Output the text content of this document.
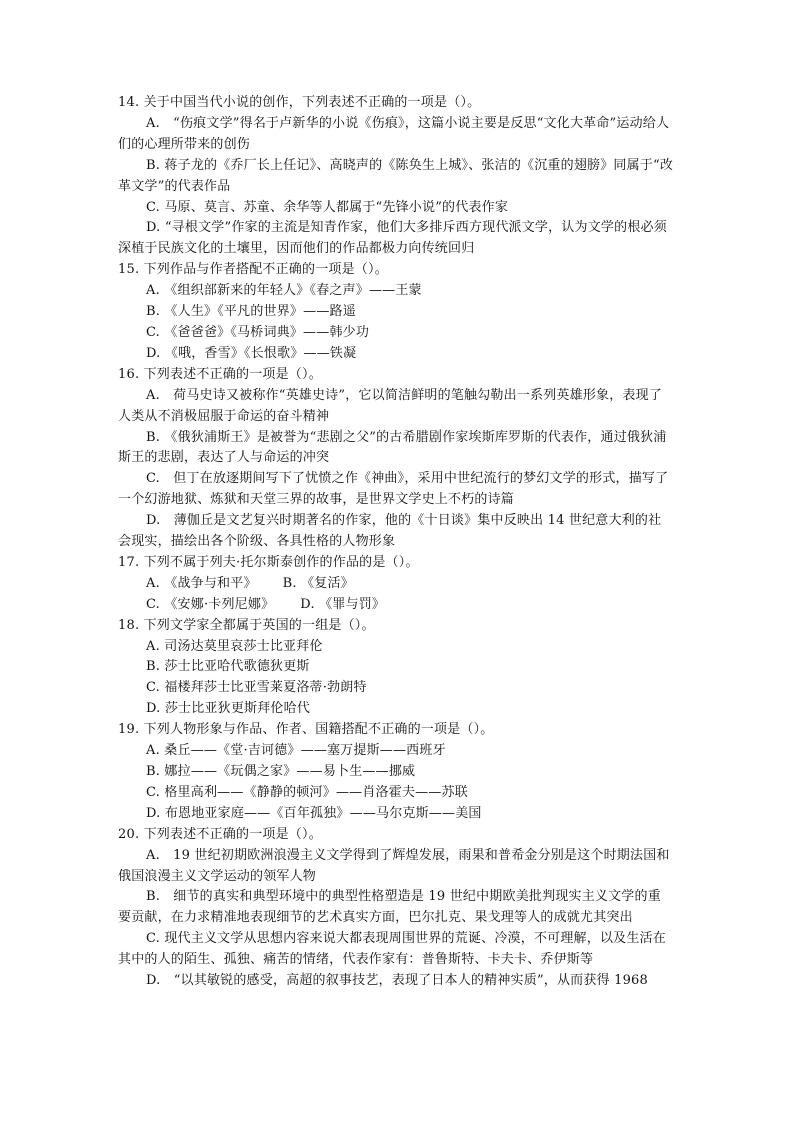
14. 关于中国当代小说的创作，下列表述不正确的一项是（）。

A.　“伤痕文学”得名于卢新华的小说《伤痕》，这篇小说主要是反思“文化大革命”运动给人们的心理所带来的创伤

B. 蒋子龙的《乔厂长上任记》、高晓声的《陈奂生上城》、张洁的《沉重的翅膀》同属于“改革文学”的代表作品

C. 马原、莫言、苏童、余华等人都属于“先锋小说”的代表作家

D. “寻根文学”作家的主流是知青作家，他们大多排斥西方现代派文学，认为文学的根必须深植于民族文化的土壤里，因而他们的作品都极力向传统回归

15. 下列作品与作者搭配不正确的一项是（）。

A. 《组织部新来的年轻人》《春之声》——王蒙

B. 《人生》《平凡的世界》——路遥

C. 《爸爸爸》《马桥词典》——韩少功

D. 《哦，香雪》《长恨歌》——铁凝

16. 下列表述不正确的一项是（）。

A.　荷马史诗又被称作“英雄史诗”，它以简洁鲜明的笔触勾勒出一系列英雄形象，表现了人类从不消极屈服于命运的奋斗精神

B. 《俄狄浦斯王》是被誉为“悲剧之父”的古希腊剧作家埃斯库罗斯的代表作，通过俄狄浦斯王的悲剧，表达了人与命运的冲突

C.　但丁在放逐期间写下了忧愤之作《神曲》，采用中世纪流行的梦幻文学的形式，描写了一个幻游地狱、炼狱和天堂三界的故事，是世界文学史上不朽的诗篇

D.　薄伽丘是文艺复兴时期著名的作家，他的《十日谈》集中反映出 14 世纪意大利的社会现实，描绘出各个阶级、各具性格的人物形象

17. 下列不属于列夫·托尔斯泰创作的作品的是（）。

A. 《战争与和平》 B. 《复活》

C. 《安娜·卡列尼娜》 D. 《罪与罚》

18. 下列文学家全都属于英国的一组是（）。

A. 司汤达莫里哀莎士比亚拜伦

B. 莎士比亚哈代歌德狄更斯

C. 福楼拜莎士比亚雪莱夏洛蒂·勃朗特

D. 莎士比亚狄更斯拜伦哈代

19. 下列人物形象与作品、作者、国籍搭配不正确的一项是（）。

A. 桑丘——《堂·吉诃德》——塞万提斯——西班牙

B. 娜拉——《玩偶之家》——易卜生——挪威

C. 格里高利——《静静的顿河》——肖洛霍夫——苏联

D. 布恩地亚家庭——《百年孤独》——马尔克斯——美国

20. 下列表述不正确的一项是（）。

A.　19 世纪初期欧洲浪漫主义文学得到了辉煌发展，雨果和普希金分别是这个时期法国和俄国浪漫主义文学运动的领军人物

B.　细节的真实和典型环境中的典型性格塑造是 19 世纪中期欧美批判现实主义文学的重要贡献，在力求精准地表现细节的艺术真实方面，巴尔扎克、果戈理等人的成就尤其突出

C. 现代主义文学从思想内容来说大都表现周围世界的荒诞、冷漠，不可理解，以及生活在其中的人的陌生、孤独、痛苦的情绪，代表作家有：普鲁斯特、卡夫卡、乔伊斯等

D.　“以其敏锐的感受，高超的叙事技艺，表现了日本人的精神实质”，从而获得 1968
